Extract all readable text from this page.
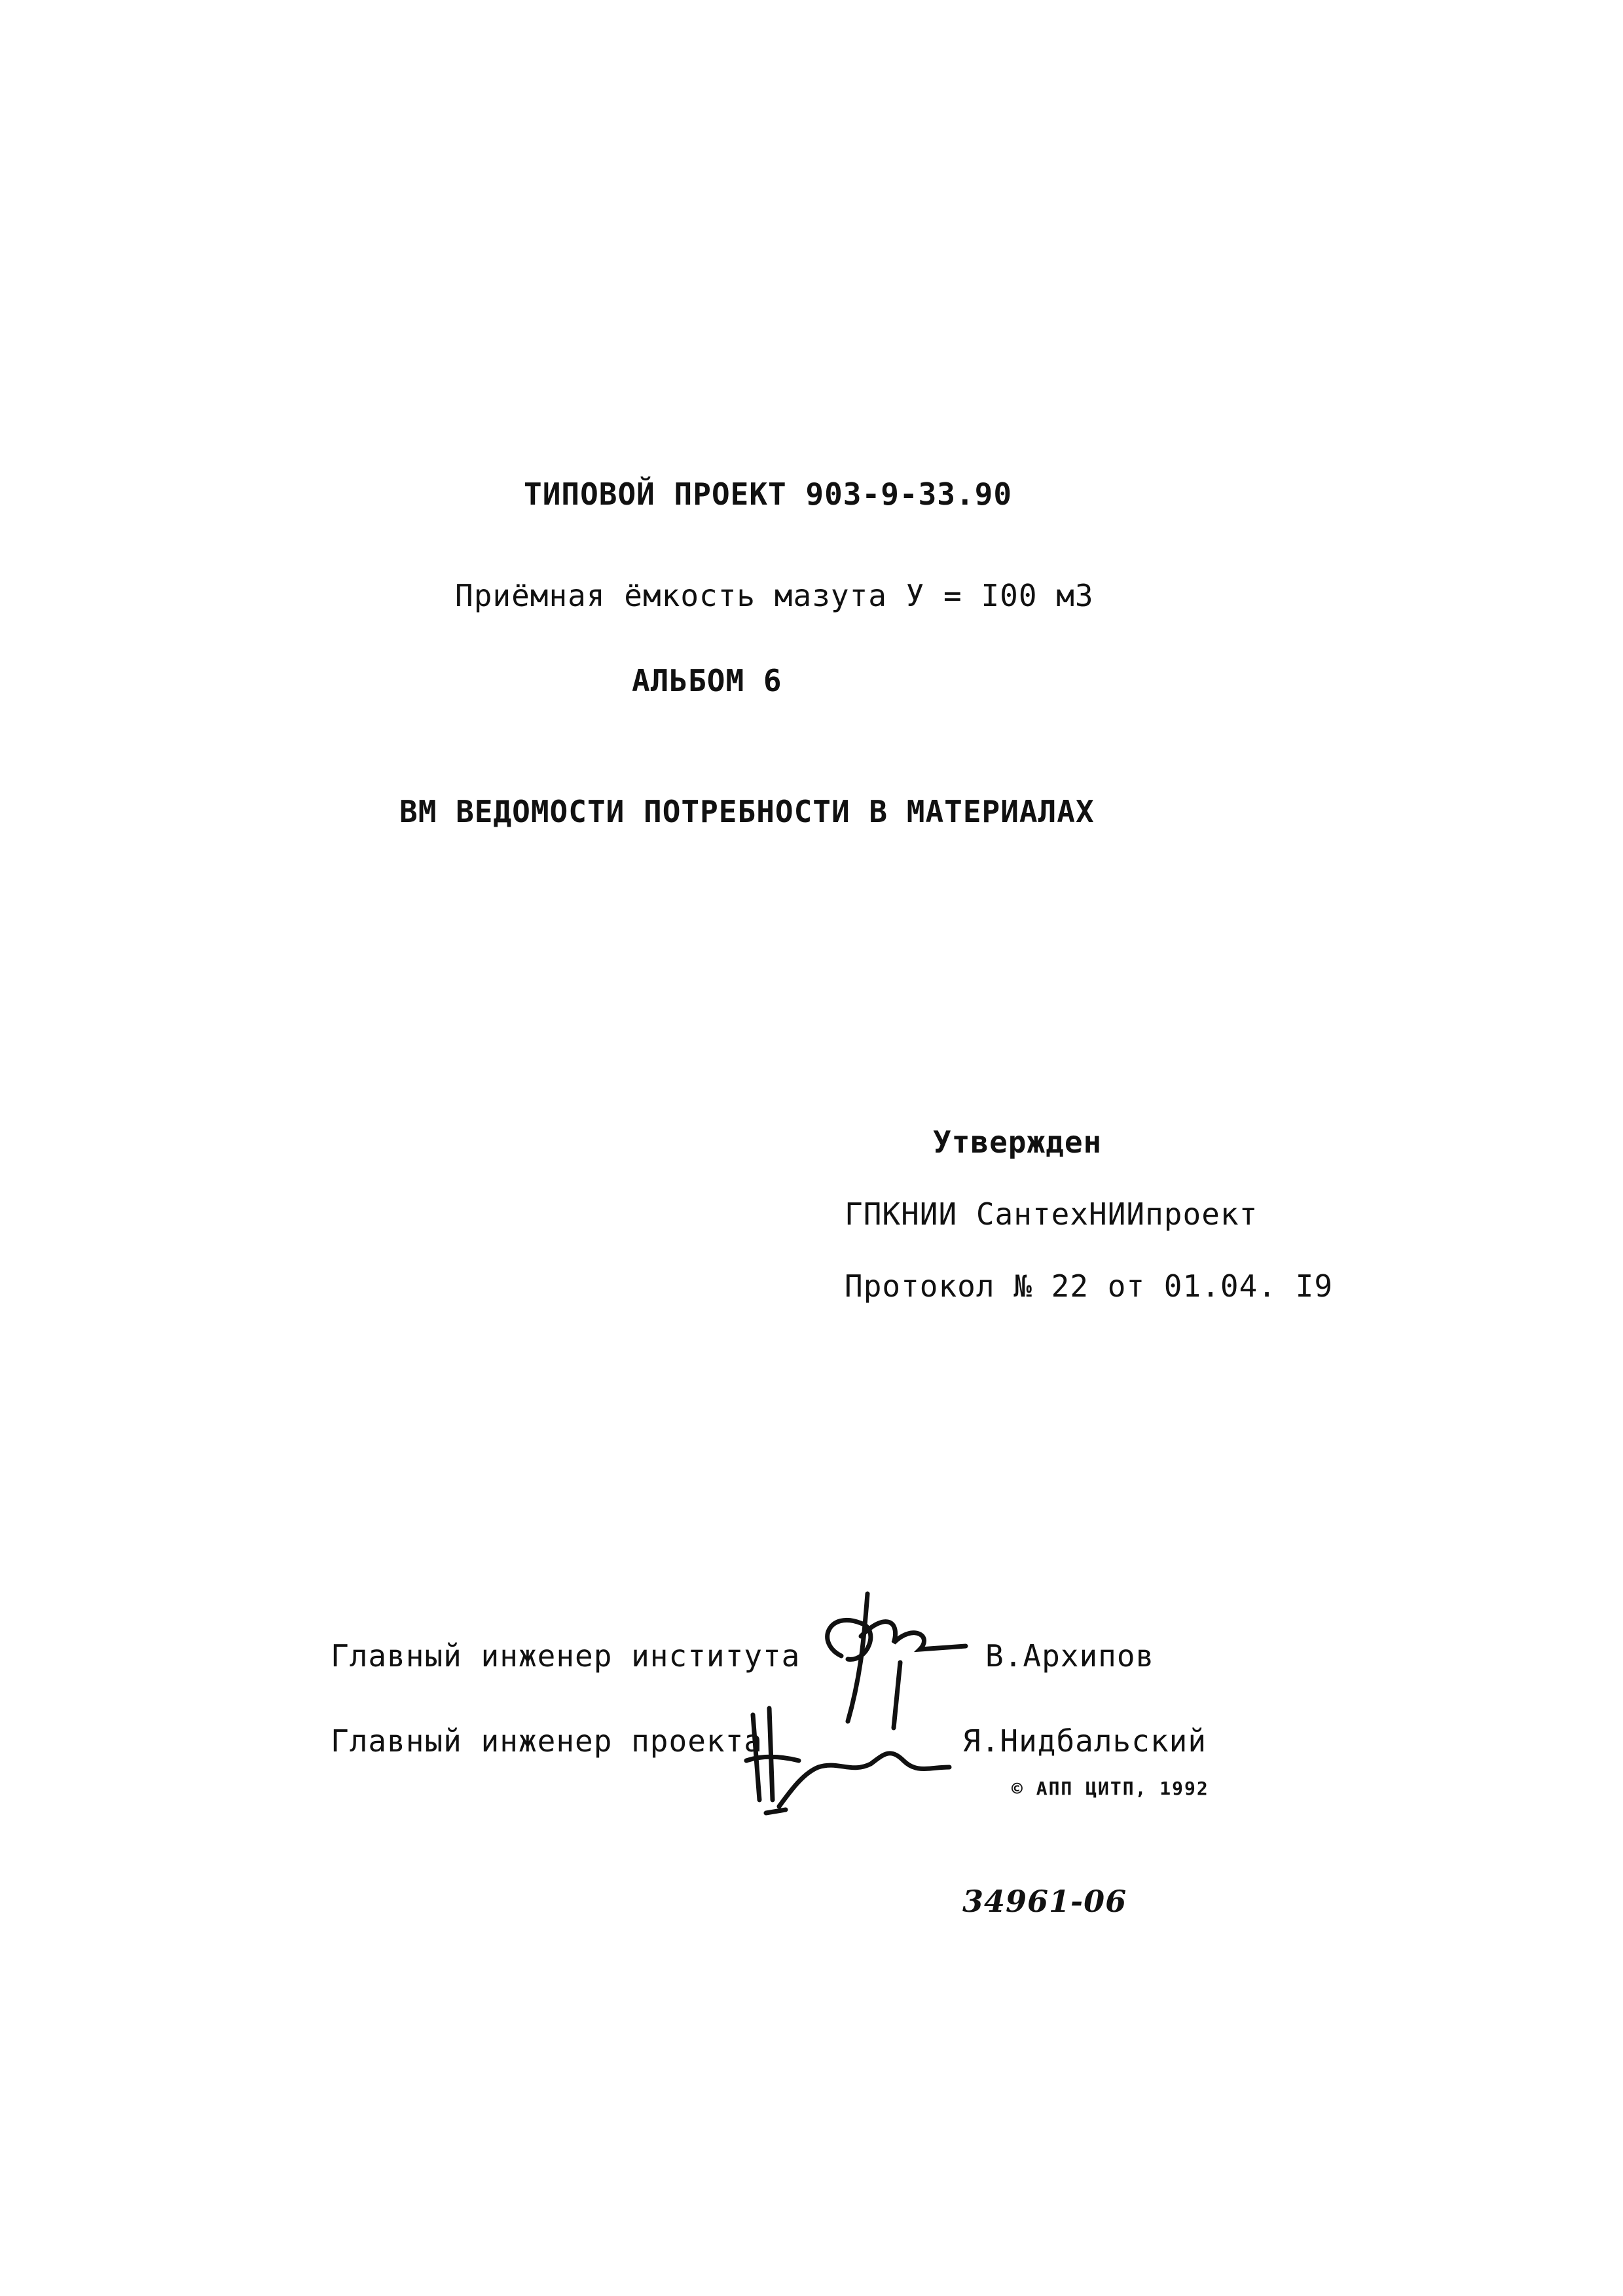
ТИПОВОЙ ПРОЕКТ 903-9-33.90
Приёмная ёмкость мазута У = I00 м3
АЛЬБОМ 6
ВМ ВЕДОМОСТИ ПОТРЕБНОСТИ В МАТЕРИАЛАХ
Утвержден
ГПКНИИ СантехНИИпроект
Протокол № 22 от 01.04. I9
Главный инженер института	В.Архипов
Главный инженер проекта	Я.Нидбальский
© АПП ЦИТП, 1992
34961-06
